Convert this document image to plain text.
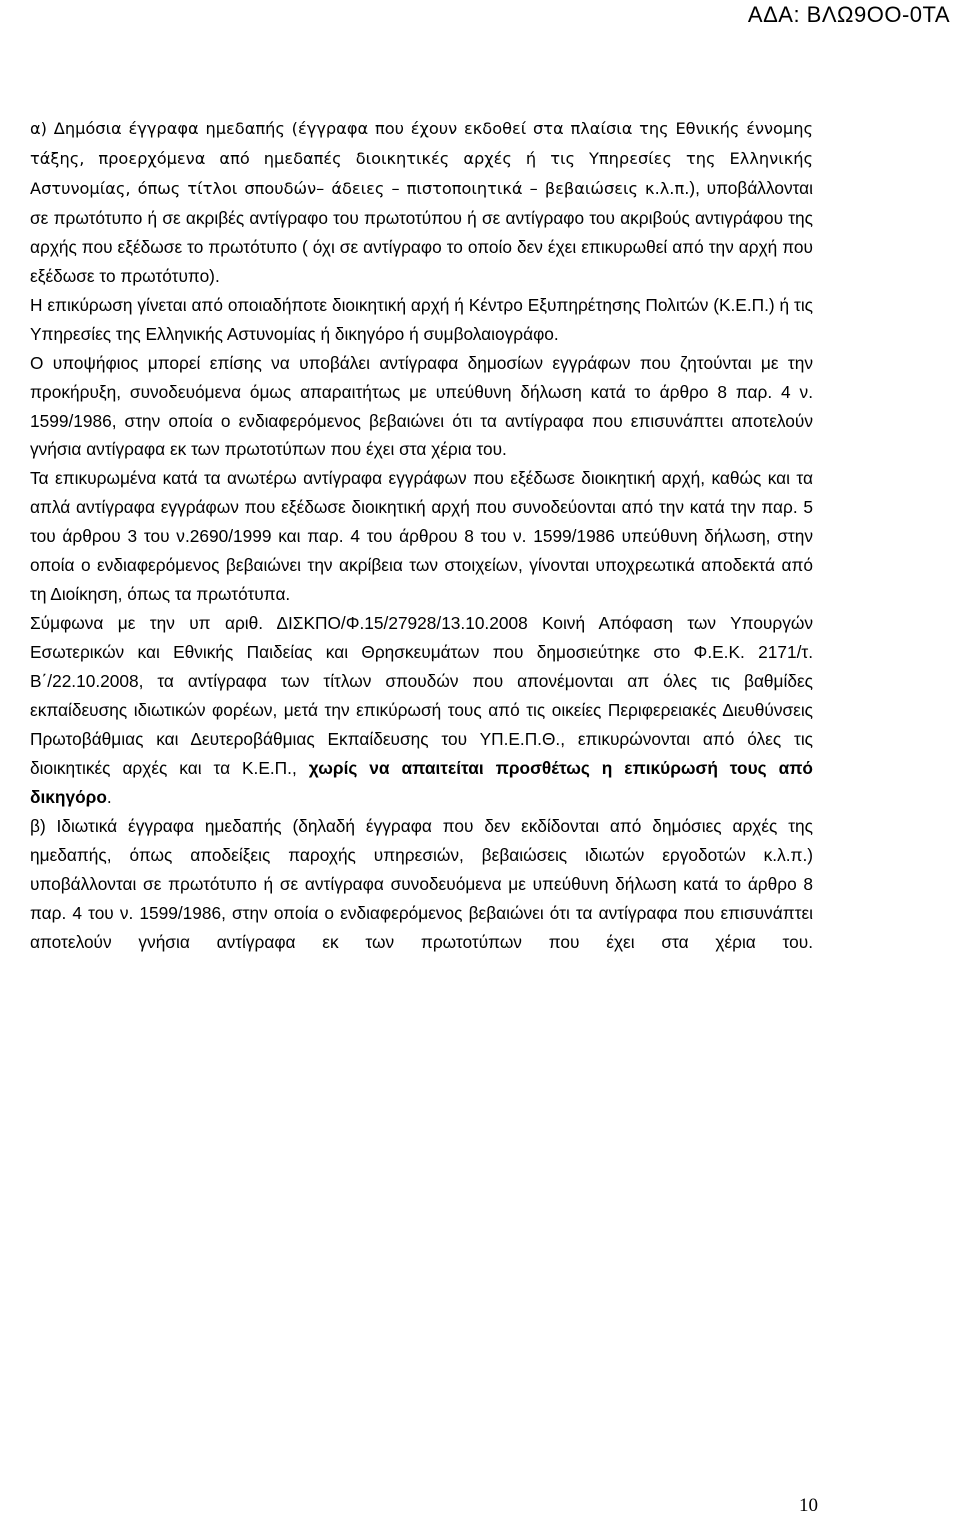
ΑΔΑ: ΒΛΩ9ΟΟ-0ΤΑ

α) Δημόσια έγγραφα ημεδαπής (έγγραφα που έχουν εκδοθεί στα πλαίσια της Εθνικής έννομης τάξης, προερχόμενα από ημεδαπές διοικητικές αρχές ή τις Υπηρεσίες της Ελληνικής Αστυνομίας, όπως τίτλοι σπουδών– άδειες – πιστοποιητικά – βεβαιώσεις κ.λ.π.), υποβάλλονται σε πρωτότυπο ή σε ακριβές αντίγραφο του πρωτοτύπου ή σε αντίγραφο του ακριβούς αντιγράφου της αρχής που εξέδωσε το πρωτότυπο ( όχι σε αντίγραφο το οποίο δεν έχει επικυρωθεί από την αρχή που εξέδωσε το πρωτότυπο).

Η επικύρωση γίνεται από οποιαδήποτε διοικητική αρχή ή Κέντρο Εξυπηρέτησης Πολιτών (Κ.Ε.Π.) ή τις Υπηρεσίες της Ελληνικής Αστυνομίας ή δικηγόρο ή συμβολαιογράφο.

Ο υποψήφιος μπορεί επίσης να υποβάλει αντίγραφα δημοσίων εγγράφων που ζητούνται με την προκήρυξη, συνοδευόμενα όμως απαραιτήτως με υπεύθυνη δήλωση κατά το άρθρο 8 παρ. 4 ν. 1599/1986, στην οποία ο ενδιαφερόμενος βεβαιώνει ότι τα αντίγραφα που επισυνάπτει αποτελούν γνήσια αντίγραφα εκ των πρωτοτύπων που έχει στα χέρια του.

Τα επικυρωμένα κατά τα ανωτέρω αντίγραφα εγγράφων που εξέδωσε διοικητική αρχή, καθώς και τα απλά αντίγραφα εγγράφων που εξέδωσε διοικητική αρχή που συνοδεύονται από την κατά την παρ. 5 του άρθρου 3 του ν.2690/1999 και παρ. 4 του άρθρου 8 του ν. 1599/1986 υπεύθυνη δήλωση, στην οποία ο ενδιαφερόμενος βεβαιώνει την ακρίβεια των στοιχείων, γίνονται υποχρεωτικά αποδεκτά από τη Διοίκηση, όπως τα πρωτότυπα.

Σύμφωνα με την υπ αριθ. ΔΙΣΚΠΟ/Φ.15/27928/13.10.2008 Κοινή Απόφαση των Υπουργών Εσωτερικών και Εθνικής Παιδείας και Θρησκευμάτων που δημοσιεύτηκε στο Φ.Ε.Κ. 2171/τ. Β΄/22.10.2008, τα αντίγραφα των τίτλων σπουδών που απονέμονται απ όλες τις βαθμίδες εκπαίδευσης ιδιωτικών φορέων, μετά την επικύρωσή τους από τις οικείες Περιφερειακές Διευθύνσεις Πρωτοβάθμιας και Δευτεροβάθμιας Εκπαίδευσης του ΥΠ.Ε.Π.Θ., επικυρώνονται από όλες τις διοικητικές αρχές και τα Κ.Ε.Π., χωρίς να απαιτείται προσθέτως η επικύρωσή τους από δικηγόρο.

β) Ιδιωτικά έγγραφα ημεδαπής (δηλαδή έγγραφα που δεν εκδίδονται από δημόσιες αρχές της ημεδαπής, όπως αποδείξεις παροχής υπηρεσιών, βεβαιώσεις ιδιωτών εργοδοτών κ.λ.π.) υποβάλλονται σε πρωτότυπο ή σε αντίγραφα συνοδευόμενα με υπεύθυνη δήλωση κατά το άρθρο 8 παρ. 4 του ν. 1599/1986, στην οποία ο ενδιαφερόμενος βεβαιώνει ότι τα αντίγραφα που επισυνάπτει αποτελούν γνήσια αντίγραφα εκ των πρωτοτύπων που έχει στα χέρια του.

10
